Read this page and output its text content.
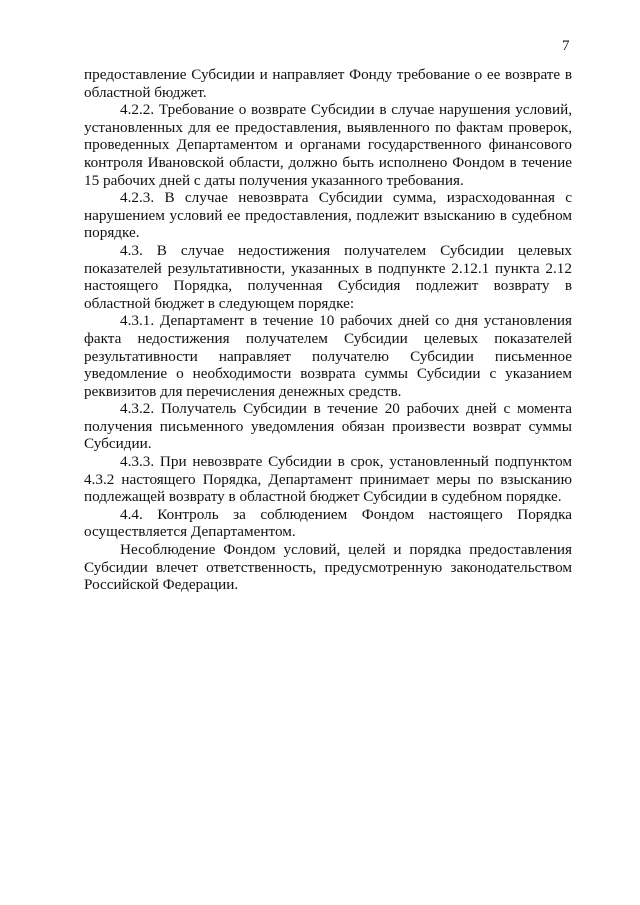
7

предоставление Субсидии и направляет Фонду требование о ее возврате в областной бюджет.

4.2.2. Требование о возврате Субсидии в случае нарушения условий, установленных для ее предоставления, выявленного по фактам проверок, проведенных Департаментом и органами государственного финансового контроля Ивановской области, должно быть исполнено Фондом в течение 15 рабочих дней с даты получения указанного требования.

4.2.3. В случае невозврата Субсидии сумма, израсходованная с нарушением условий ее предоставления, подлежит взысканию в судебном порядке.

4.3. В случае недостижения получателем Субсидии целевых показателей результативности, указанных в подпункте 2.12.1 пункта 2.12 настоящего Порядка, полученная Субсидия подлежит возврату в областной бюджет в следующем порядке:

4.3.1. Департамент в течение 10 рабочих дней со дня установления факта недостижения получателем Субсидии целевых показателей результативности направляет получателю Субсидии письменное уведомление о необходимости возврата суммы Субсидии с указанием реквизитов для перечисления денежных средств.

4.3.2. Получатель Субсидии в течение 20 рабочих дней с момента получения письменного уведомления обязан произвести возврат суммы Субсидии.

4.3.3. При невозврате Субсидии в срок, установленный подпунктом 4.3.2 настоящего Порядка, Департамент принимает меры по взысканию подлежащей возврату в областной бюджет Субсидии в судебном порядке.

4.4. Контроль за соблюдением Фондом настоящего Порядка осуществляется Департаментом.

Несоблюдение Фондом условий, целей и порядка предоставления Субсидии влечет ответственность, предусмотренную законодательством Российской Федерации.
